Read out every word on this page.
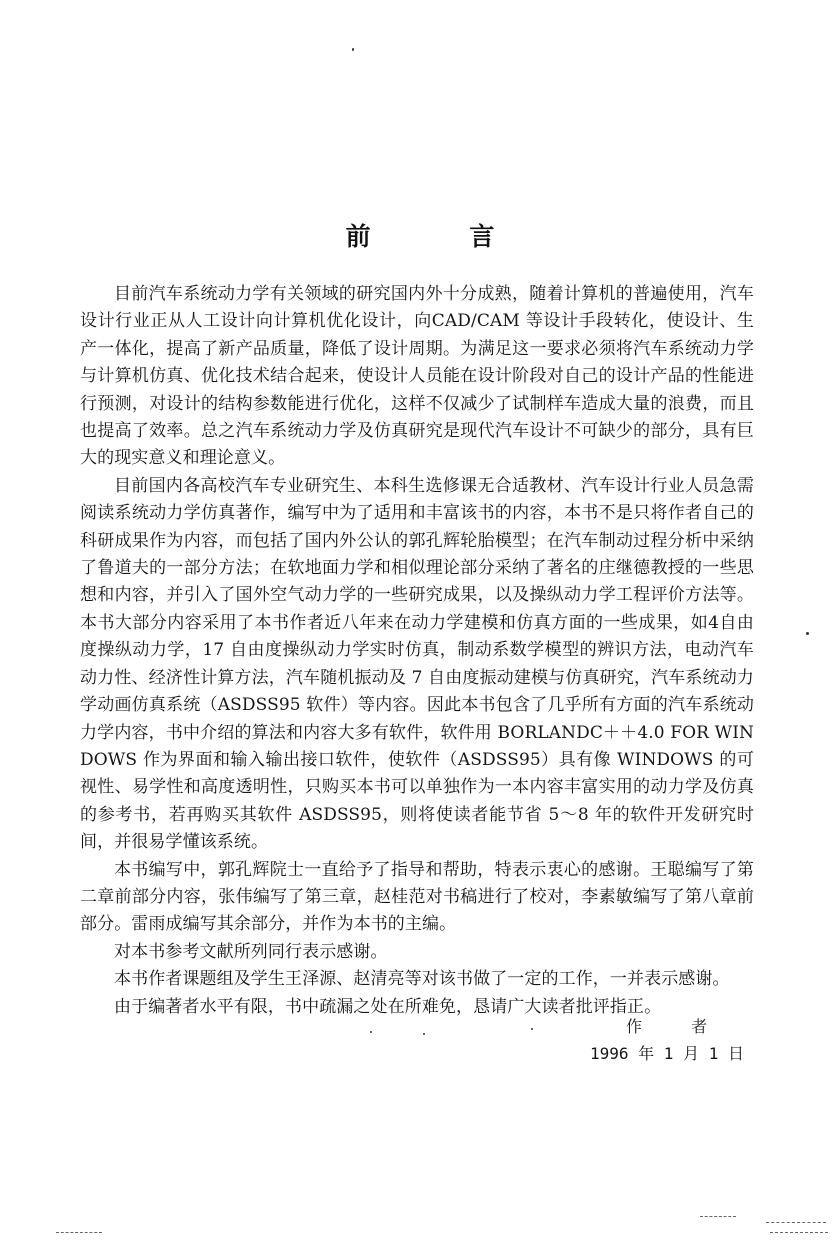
前 言

目前汽车系统动力学有关领域的研究国内外十分成熟，随着计算机的普遍使用，汽车设计行业正从人工设计向计算机优化设计，向CAD/CAM 等设计手段转化，使设计、生产一体化，提高了新产品质量，降低了设计周期。为满足这一要求必须将汽车系统动力学与计算机仿真、优化技术结合起来，使设计人员能在设计阶段对自己的设计产品的性能进行预测，对设计的结构参数能进行优化，这样不仅减少了试制样车造成大量的浪费，而且也提高了效率。总之汽车系统动力学及仿真研究是现代汽车设计不可缺少的部分，具有巨大的现实意义和理论意义。

目前国内各高校汽车专业研究生、本科生选修课无合适教材、汽车设计行业人员急需阅读系统动力学仿真著作，编写中为了适用和丰富该书的内容，本书不是只将作者自己的科研成果作为内容，而包括了国内外公认的郭孔辉轮胎模型；在汽车制动过程分析中采纳了鲁道夫的一部分方法；在软地面力学和相似理论部分采纳了著名的庄继德教授的一些思想和内容，并引入了国外空气动力学的一些研究成果，以及操纵动力学工程评价方法等。本书大部分内容采用了本书作者近八年来在动力学建模和仿真方面的一些成果，如4自由度操纵动力学，17 自由度操纵动力学实时仿真，制动系数学模型的辨识方法，电动汽车动力性、经济性计算方法，汽车随机振动及 7 自由度振动建模与仿真研究，汽车系统动力学动画仿真系统（ASDSS95 软件）等内容。因此本书包含了几乎所有方面的汽车系统动力学内容，书中介绍的算法和内容大多有软件，软件用 BORLANDC＋＋4.0 FOR WINDOWS 作为界面和输入输出接口软件，使软件（ASDSS95）具有像 WINDOWS 的可视性、易学性和高度透明性，只购买本书可以单独作为一本内容丰富实用的动力学及仿真的参考书，若再购买其软件 ASDSS95，则将使读者能节省 5～8 年的软件开发研究时间，并很易学懂该系统。

本书编写中，郭孔辉院士一直给予了指导和帮助，特表示衷心的感谢。王聪编写了第二章前部分内容，张伟编写了第三章，赵桂范对书稿进行了校对，李素敏编写了第八章前部分。雷雨成编写其余部分，并作为本书的主编。

对本书参考文献所列同行表示感谢。

本书作者课题组及学生王泽源、赵清亮等对该书做了一定的工作，一并表示感谢。

由于编著者水平有限，书中疏漏之处在所难免，恳请广大读者批评指正。

作 者
1996 年 1 月 1 日
